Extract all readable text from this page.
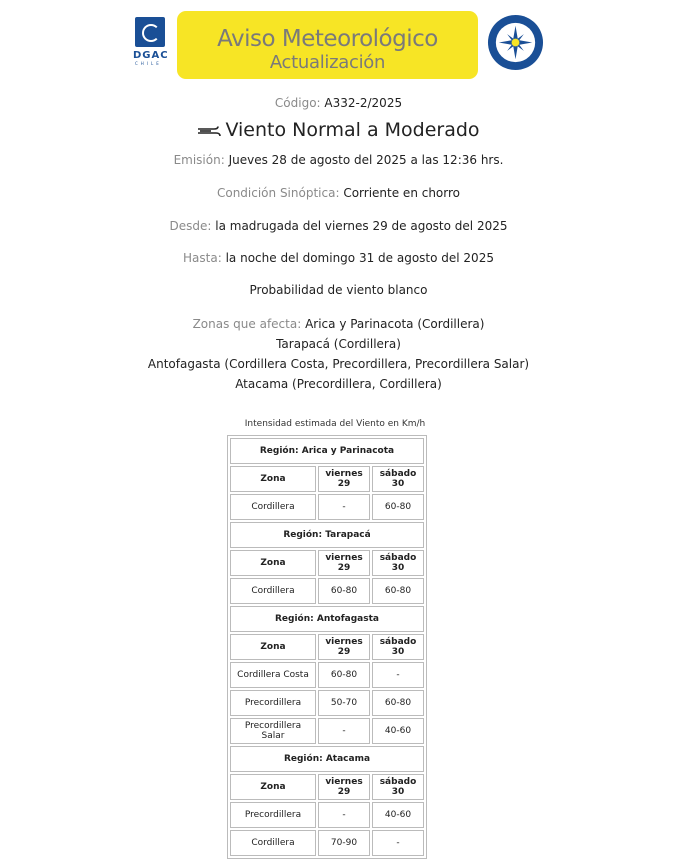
DGAC
CHILE
Aviso Meteorológico
Actualización
Código: A332-2/2025
Viento Normal a Moderado
Emisión: Jueves 28 de agosto del 2025 a las 12:36 hrs.
Condición Sinóptica: Corriente en chorro
Desde: la madrugada del viernes 29 de agosto del 2025
Hasta: la noche del domingo 31 de agosto del 2025
Probabilidad de viento blanco
Zonas que afecta: Arica y Parinacota (Cordillera)
Tarapacá (Cordillera)
Antofagasta (Cordillera Costa, Precordillera, Precordillera Salar)
Atacama (Precordillera, Cordillera)
Intensidad estimada del Viento en Km/h
Región: Arica y Parinacota		
Zona	viernes 29	sábado 30
Cordillera	-	60-80
Región: Tarapacá		
Zona	viernes 29	sábado 30
Cordillera	60-80	60-80
Región: Antofagasta		
Zona	viernes 29	sábado 30
Cordillera Costa	60-80	-
Precordillera	50-70	60-80
Precordillera Salar	-	40-60
Región: Atacama		
Zona	viernes 29	sábado 30
Precordillera	-	40-60
Cordillera	70-90	-
